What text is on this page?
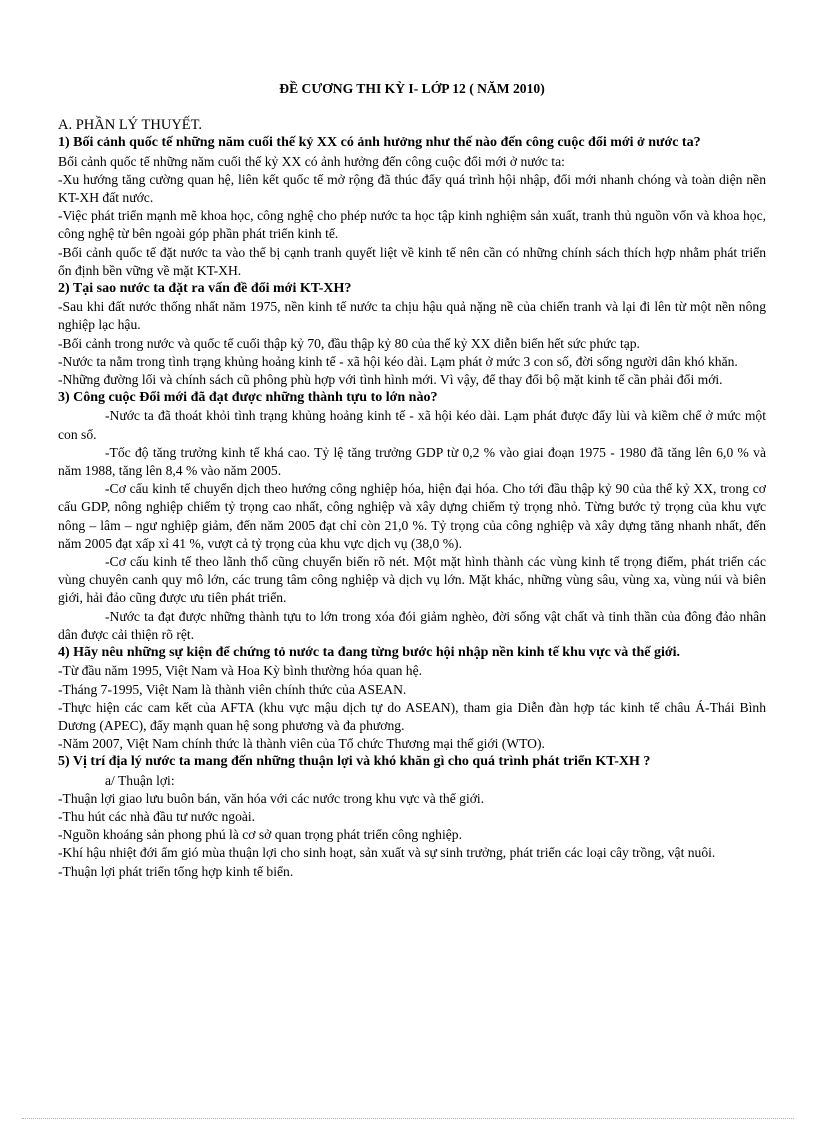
ĐỀ CƯƠNG THI KỲ I- LỚP 12 ( NĂM 2010)

A. PHẦN LÝ THUYẾT.

1) Bối cảnh quốc tế những năm cuối thế kỷ XX có ảnh hưởng như thế nào đến công cuộc đổi mới ở nước ta?

Bối cảnh quốc tế những năm cuối thế kỷ XX có ảnh hưởng đến công cuộc đổi mới ở nước ta:

-Xu hướng tăng cường quan hệ, liên kết quốc tế mở rộng đã thúc đẩy quá trình hội nhập, đổi mới nhanh chóng và toàn diện nền KT-XH đất nước.

-Việc phát triển mạnh mẽ khoa học, công nghệ cho phép nước ta học tập kinh nghiệm sản xuất, tranh thủ nguồn vốn và khoa học, công nghệ từ bên ngoài góp phần phát triển kinh tế.

-Bối cảnh quốc tế đặt nước ta vào thế bị cạnh tranh quyết liệt về kinh tế nên cần có những chính sách thích hợp nhằm phát triển ổn định bền vững về mặt KT-XH.

2) Tại sao nước ta đặt ra vấn đề đổi mới KT-XH?

-Sau khi đất nước thống nhất năm 1975, nền kinh tế nước ta chịu hậu quả nặng nề của chiến tranh và lại đi lên từ một nền nông nghiệp lạc hậu.

-Bối cảnh trong nước và quốc tế cuối thập kỷ 70, đầu thập kỷ 80 của thế kỷ XX diễn biến hết sức phức tạp.

-Nước ta nằm trong tình trạng khủng hoảng kinh tế - xã hội kéo dài. Lạm phát ở mức 3 con số, đời sống người dân khó khăn.

-Những đường lối và chính sách cũ phông phù hợp với tình hình mới. Vì vậy, để thay đổi bộ mặt kinh tế cần phải đổi mới.

3) Công cuộc Đổi mới đã đạt được những thành tựu to lớn nào?

-Nước ta đã thoát khỏi tình trạng khủng hoảng kinh tế - xã hội kéo dài. Lạm phát được đẩy lùi và kiềm chế ở mức một con số.

-Tốc độ tăng trưởng kinh tế khá cao. Tỷ lệ tăng trưởng GDP từ 0,2 % vào giai đoạn 1975 - 1980 đã tăng lên 6,0 % và năm 1988, tăng lên 8,4 % vào năm 2005.

-Cơ cấu kinh tế chuyển dịch theo hướng công nghiệp hóa, hiện đại hóa. Cho tới đầu thập kỷ 90 của thế kỷ XX, trong cơ cấu GDP, nông nghiệp chiếm tỷ trọng cao nhất, công nghiệp và xây dựng chiếm tỷ trọng nhỏ. Từng bước tỷ trọng của khu vực nông – lâm – ngư nghiệp giảm, đến năm 2005 đạt chỉ còn 21,0 %. Tỷ trọng của công nghiệp và xây dựng tăng nhanh nhất, đến năm 2005 đạt xấp xỉ 41 %, vượt cả tỷ trọng của khu vực dịch vụ (38,0 %).

-Cơ cấu kinh tế theo lãnh thổ cũng chuyển biến rõ nét. Một mặt hình thành các vùng kinh tế trọng điểm, phát triển các vùng chuyên canh quy mô lớn, các trung tâm công nghiệp và dịch vụ lớn. Mặt khác, những vùng sâu, vùng xa, vùng núi và biên giới, hải đảo cũng được ưu tiên phát triển.

-Nước ta đạt được những thành tựu to lớn trong xóa đói giảm nghèo, đời sống vật chất và tinh thần của đông đảo nhân dân được cải thiện rõ rệt.

4) Hãy nêu những sự kiện để chứng tỏ nước ta đang từng bước hội nhập nền kinh tế khu vực và thế giới.

-Từ đầu năm 1995, Việt Nam và Hoa Kỳ bình thường hóa quan hệ.

-Tháng 7-1995, Việt Nam là thành viên chính thức của ASEAN.

-Thực hiện các cam kết của AFTA (khu vực mậu dịch tự do ASEAN), tham gia Diễn đàn hợp tác kinh tế châu Á-Thái Bình Dương (APEC), đẩy mạnh quan hệ song phương và đa phương.

-Năm 2007, Việt Nam chính thức là thành viên của Tổ chức Thương mại thế giới (WTO).

5) Vị trí địa lý nước ta mang đến những thuận lợi và khó khăn gì cho quá trình phát triển KT-XH ?

a/ Thuận lợi:

-Thuận lợi giao lưu buôn bán, văn hóa với các nước trong khu vực và thế giới.

-Thu hút các nhà đầu tư nước ngoài.

-Nguồn khoáng sản phong phú là cơ sở quan trọng phát triển công nghiệp.

-Khí hậu nhiệt đới ẩm gió mùa thuận lợi cho sinh hoạt, sản xuất và sự sinh trưởng, phát triển các loại cây trồng, vật nuôi.

-Thuận lợi phát triển tổng hợp kinh tế biển.
